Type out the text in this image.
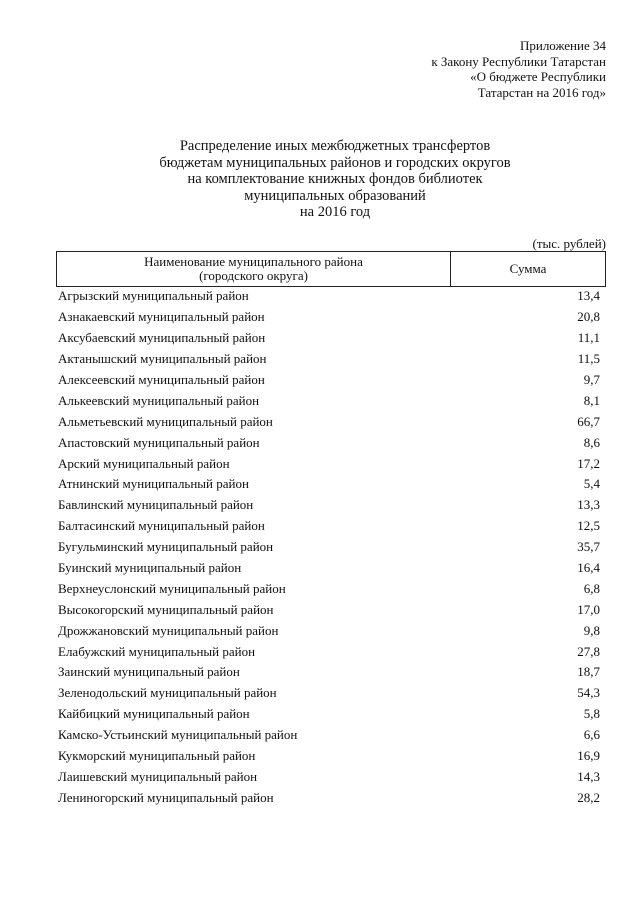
Приложение 34
к Закону Республики Татарстан
«О бюджете Республики
Татарстан на 2016 год»
Распределение иных межбюджетных трансфертов
бюджетам муниципальных районов и городских округов
на комплектование книжных фондов библиотек
муниципальных образований
на 2016 год
(тыс. рублей)
Наименование муниципального района
(городского округа)	Сумма
Агрызский муниципальный район	13,4
Азнакаевский муниципальный район	20,8
Аксубаевский муниципальный район	11,1
Актанышский муниципальный район	11,5
Алексеевский муниципальный район	9,7
Алькеевский муниципальный район	8,1
Альметьевский муниципальный район	66,7
Апастовский муниципальный район	8,6
Арский муниципальный район	17,2
Атнинский муниципальный район	5,4
Бавлинский муниципальный район	13,3
Балтасинский муниципальный район	12,5
Бугульминский муниципальный район	35,7
Буинский муниципальный район	16,4
Верхнеуслонский муниципальный район	6,8
Высокогорский муниципальный район	17,0
Дрожжановский муниципальный район	9,8
Елабужский муниципальный район	27,8
Заинский муниципальный район	18,7
Зеленодольский муниципальный район	54,3
Кайбицкий муниципальный район	5,8
Камско-Устьинский муниципальный район	6,6
Кукморский муниципальный район	16,9
Лаишевский муниципальный район	14,3
Лениногорский муниципальный район	28,2
